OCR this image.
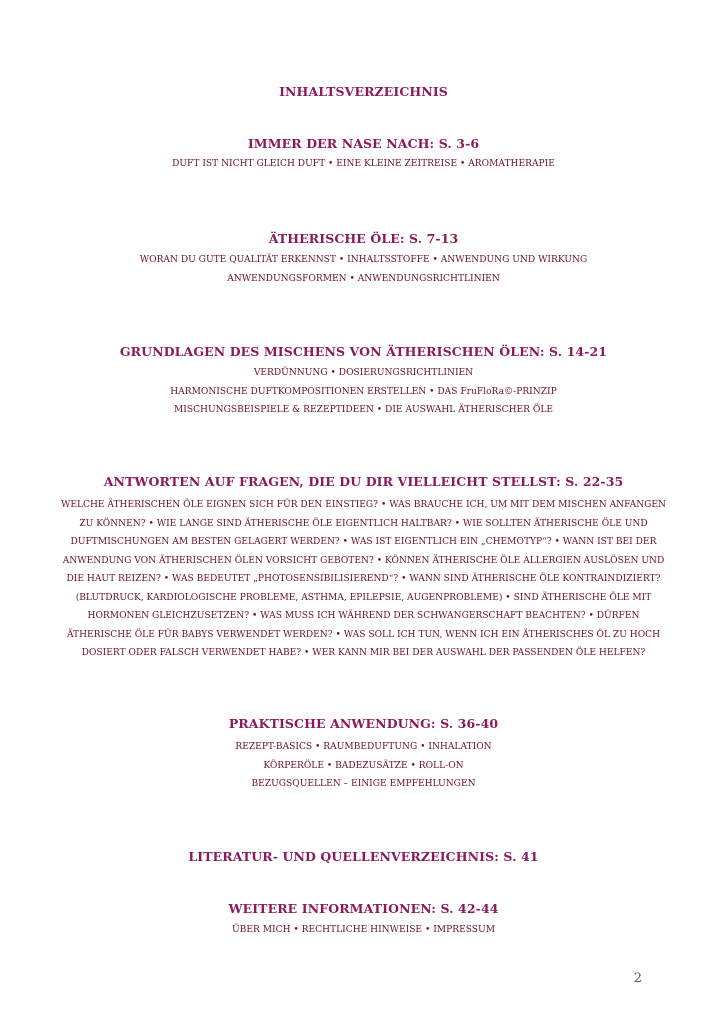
INHALTSVERZEICHNIS
IMMER DER NASE NACH: S. 3-6
DUFT IST NICHT GLEICH DUFT • EINE KLEINE ZEITREISE • AROMATHERAPIE
ÄTHERISCHE ÖLE: S. 7-13
WORAN DU GUTE QUALITÄT ERKENNST • INHALTSSTOFFE • ANWENDUNG UND WIRKUNG
ANWENDUNGSFORMEN • ANWENDUNGSRICHTLINIEN
GRUNDLAGEN DES MISCHENS VON ÄTHERISCHEN ÖLEN: S. 14-21
VERDÜNNUNG • DOSIERUNGSRICHTLINIEN
HARMONISCHE DUFTKOMPOSITIONEN ERSTELLEN • DAS FruFloRa©-PRINZIP
MISCHUNGSBEISPIELE & REZEPTIDEEN • DIE AUSWAHL ÄTHERISCHER ÖLE
ANTWORTEN AUF FRAGEN, DIE DU DIR VIELLEICHT STELLST: S. 22-35
WELCHE ÄTHERISCHEN ÖLE EIGNEN SICH FÜR DEN EINSTIEG? • WAS BRAUCHE ICH, UM MIT DEM MISCHEN ANFANGEN
ZU KÖNNEN? • WIE LANGE SIND ÄTHERISCHE ÖLE EIGENTLICH HALTBAR? • WIE SOLLTEN ÄTHERISCHE ÖLE UND
DUFTMISCHUNGEN AM BESTEN GELAGERT WERDEN? • WAS IST EIGENTLICH EIN „CHEMOTYP“? • WANN IST BEI DER
ANWENDUNG VON ÄTHERISCHEN ÖLEN VORSICHT GEBOTEN? • KÖNNEN ÄTHERISCHE ÖLE ALLERGIEN AUSLÖSEN UND
DIE HAUT REIZEN? • WAS BEDEUTET „PHOTOSENSIBILISIEREND“? • WANN SIND ÄTHERISCHE ÖLE KONTRAINDIZIERT?
(BLUTDRUCK, KARDIOLOGISCHE PROBLEME, ASTHMA, EPILEPSIE, AUGENPROBLEME) • SIND ÄTHERISCHE ÖLE MIT
HORMONEN GLEICHZUSETZEN? • WAS MUSS ICH WÄHREND DER SCHWANGERSCHAFT BEACHTEN? • DÜRFEN
ÄTHERISCHE ÖLE FÜR BABYS VERWENDET WERDEN? • WAS SOLL ICH TUN, WENN ICH EIN ÄTHERISCHES ÖL ZU HOCH
DOSIERT ODER FALSCH VERWENDET HABE? • WER KANN MIR BEI DER AUSWAHL DER PASSENDEN ÖLE HELFEN?
PRAKTISCHE ANWENDUNG: S. 36-40
REZEPT-BASICS • RAUMBEDUFTUNG • INHALATION
KÖRPERÖLE • BADEZUSÄTZE • ROLL-ON
BEZUGSQUELLEN – EINIGE EMPFEHLUNGEN
LITERATUR- UND QUELLENVERZEICHNIS: S. 41
WEITERE INFORMATIONEN: S. 42-44
ÜBER MICH • RECHTLICHE HINWEISE • IMPRESSUM
2
